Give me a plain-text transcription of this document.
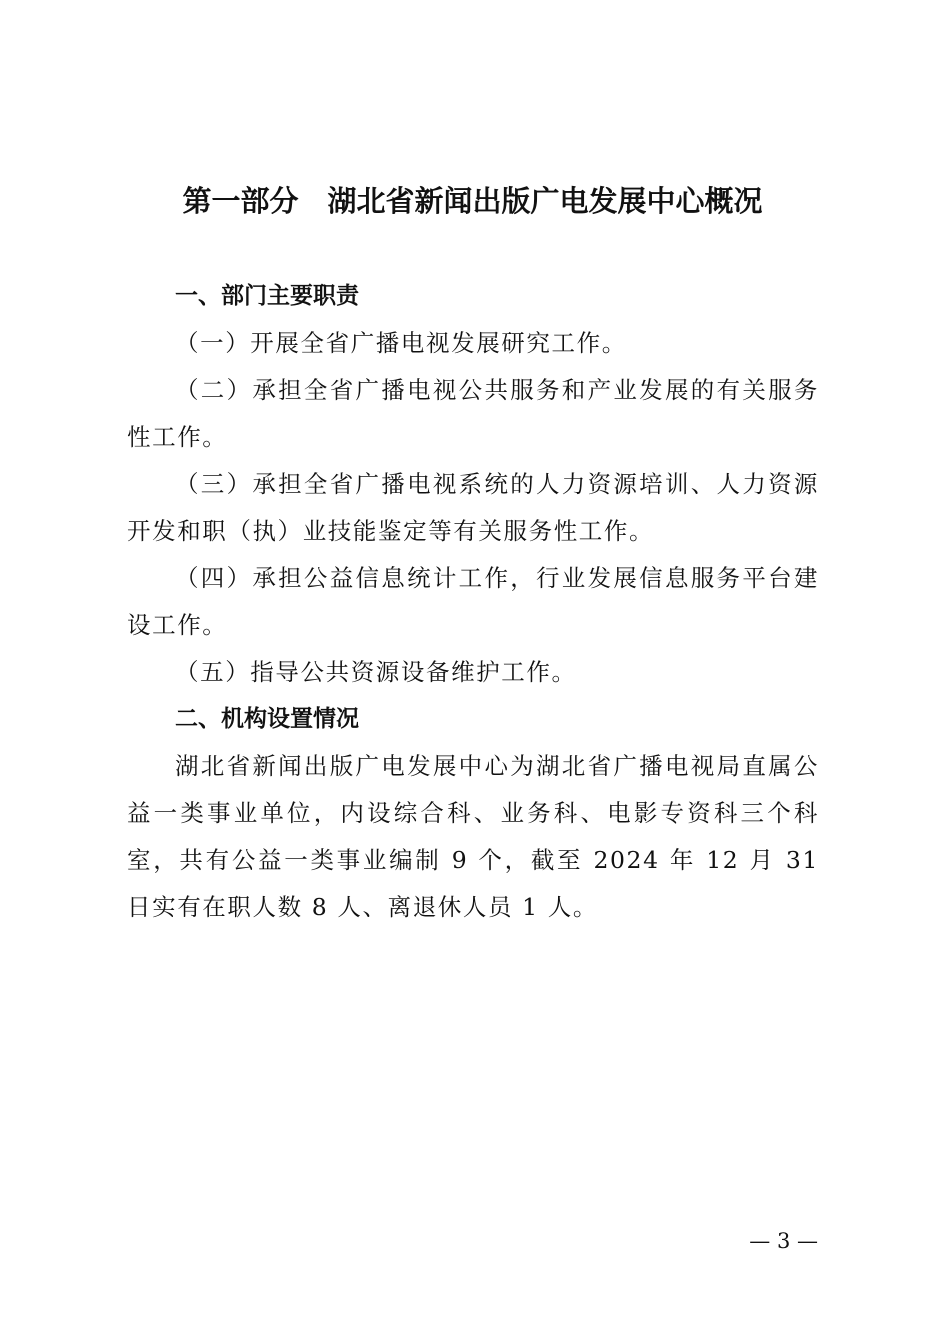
第一部分　湖北省新闻出版广电发展中心概况

一、部门主要职责

（一）开展全省广播电视发展研究工作。

（二）承担全省广播电视公共服务和产业发展的有关服务性工作。

（三）承担全省广播电视系统的人力资源培训、人力资源开发和职（执）业技能鉴定等有关服务性工作。

（四）承担公益信息统计工作，行业发展信息服务平台建设工作。

（五）指导公共资源设备维护工作。

二、机构设置情况

湖北省新闻出版广电发展中心为湖北省广播电视局直属公益一类事业单位，内设综合科、业务科、电影专资科三个科室，共有公益一类事业编制 9 个，截至 2024 年 12 月 31 日实有在职人数 8 人、离退休人员 1 人。

— 3 —
